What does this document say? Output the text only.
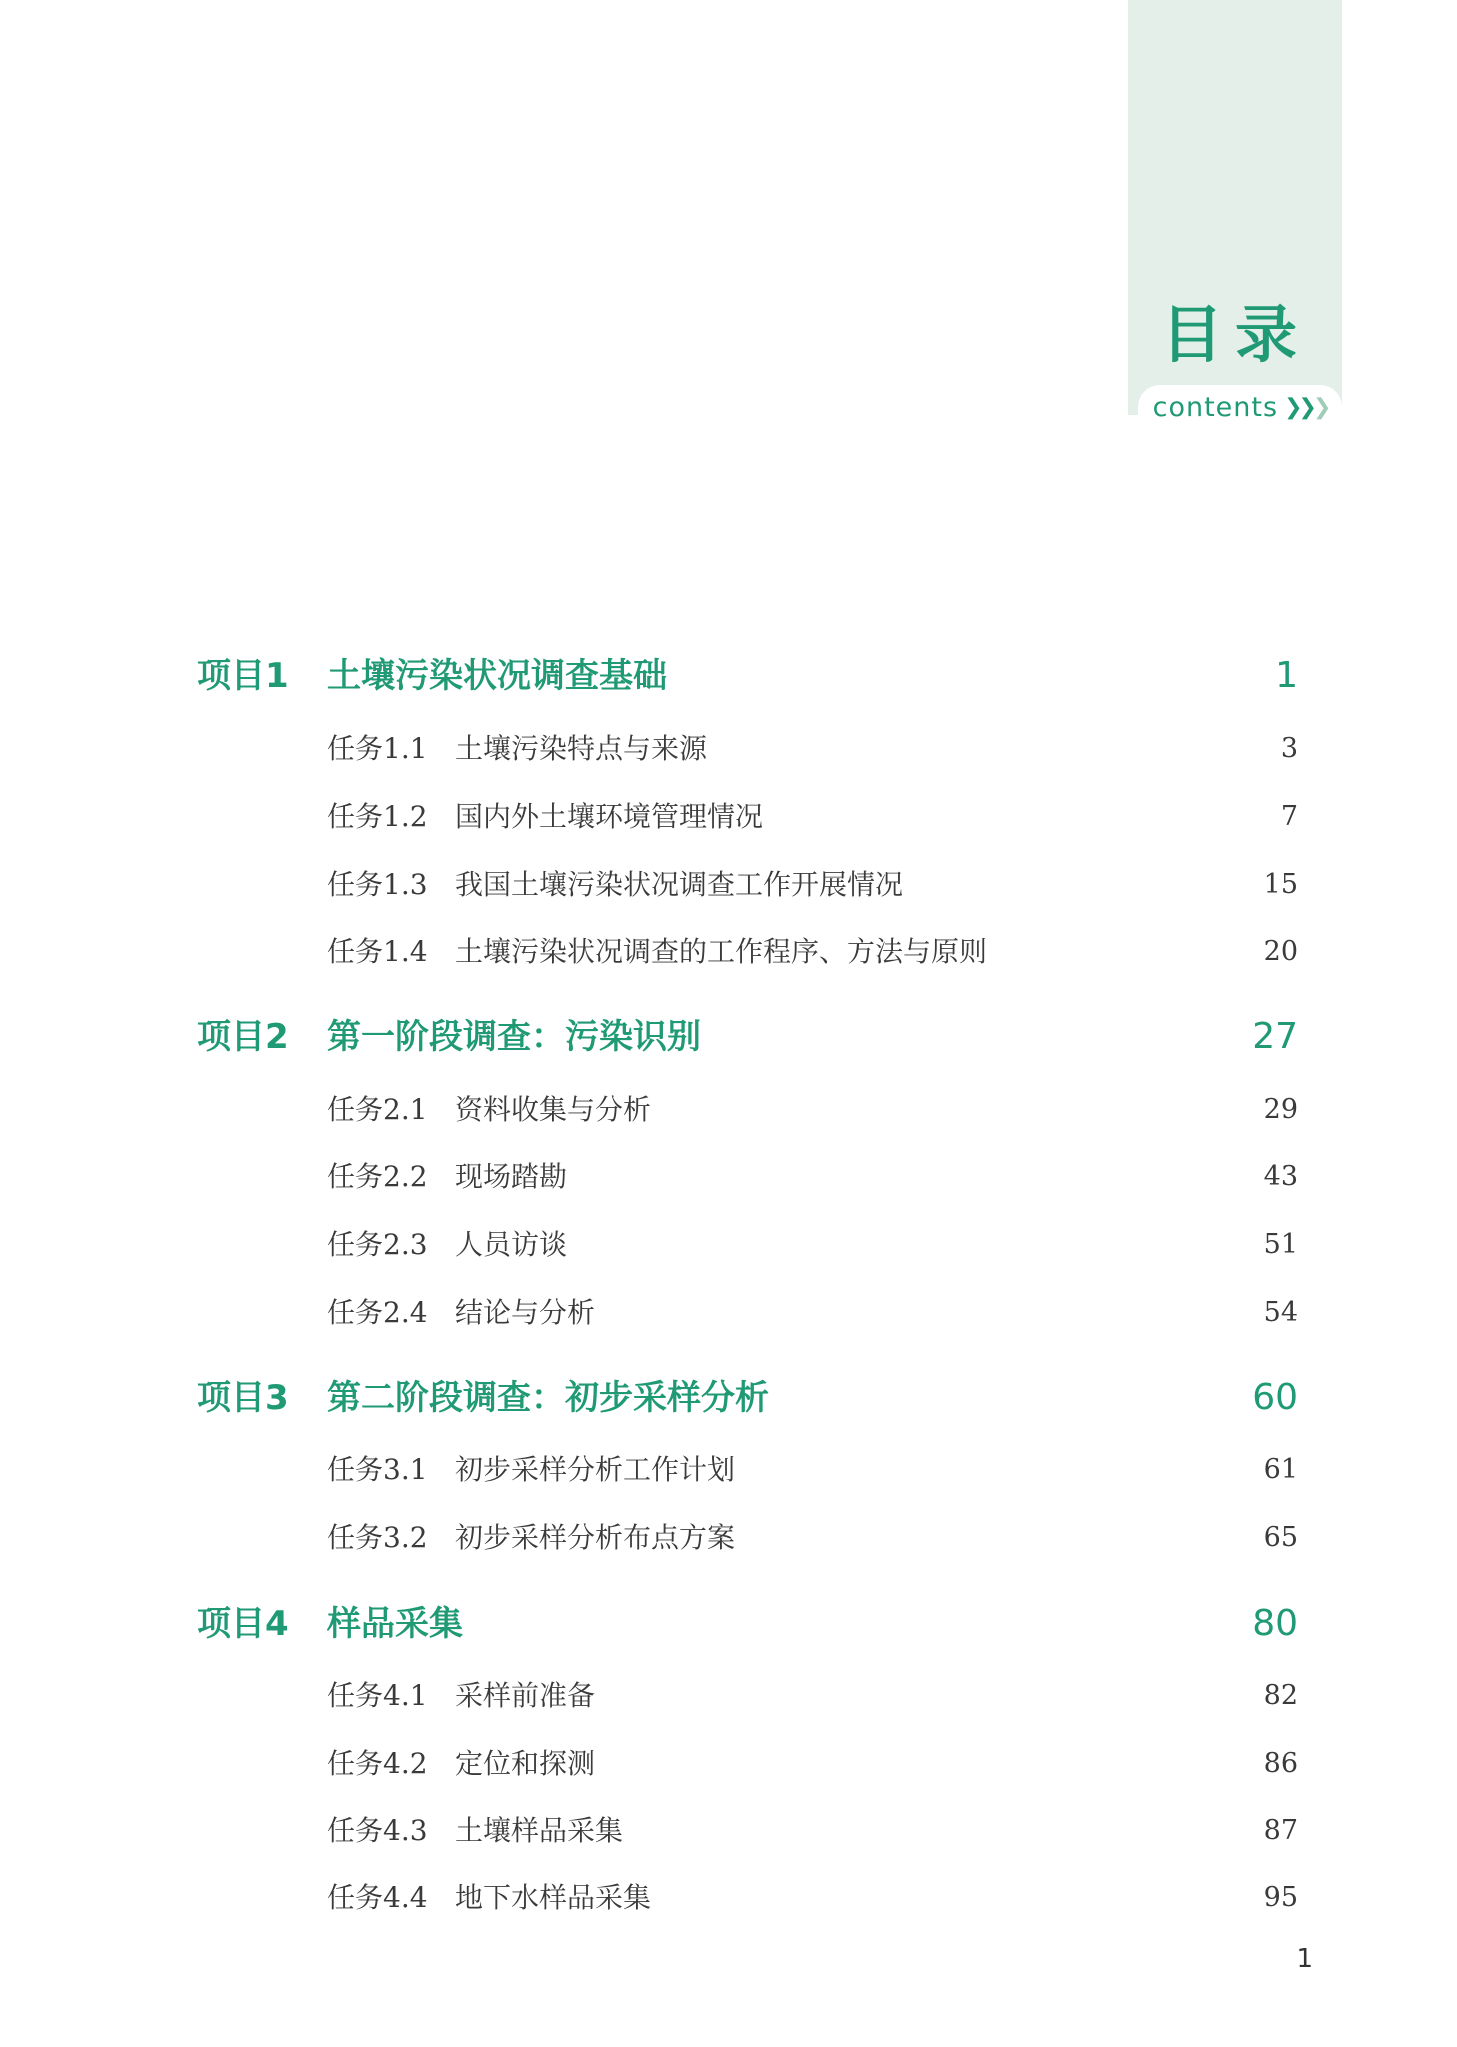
目录
contents ❯❯❯
项目1 土壤污染状况调查基础	1
任务1.1 土壤污染特点与来源	3
任务1.2 国内外土壤环境管理情况	7
任务1.3 我国土壤污染状况调查工作开展情况	15
任务1.4 土壤污染状况调查的工作程序、方法与原则	20
项目2 第一阶段调查：污染识别	27
任务2.1 资料收集与分析	29
任务2.2 现场踏勘	43
任务2.3 人员访谈	51
任务2.4 结论与分析	54
项目3 第二阶段调查：初步采样分析	60
任务3.1 初步采样分析工作计划	61
任务3.2 初步采样分析布点方案	65
项目4 样品采集	80
任务4.1 采样前准备	82
任务4.2 定位和探测	86
任务4.3 土壤样品采集	87
任务4.4 地下水样品采集	95
1
